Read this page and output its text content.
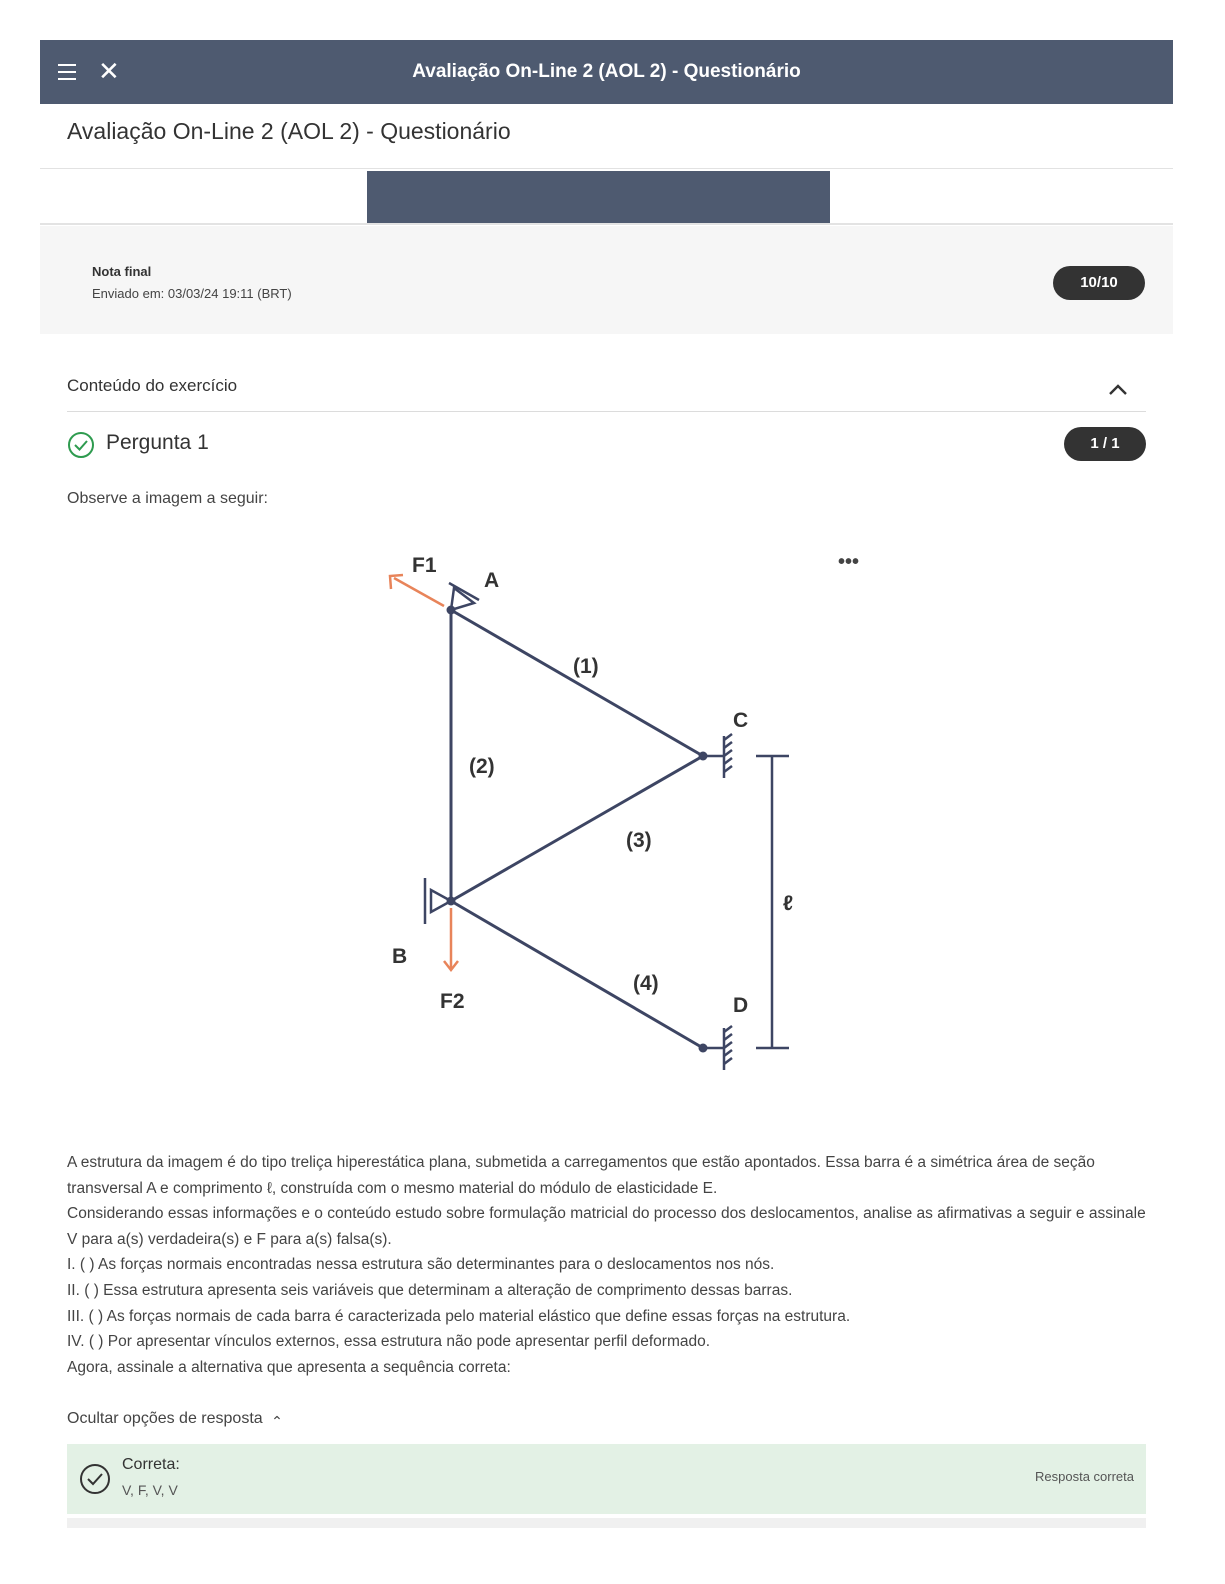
✕	Avaliação On-Line 2 (AOL 2) - Questionário
Avaliação On-Line 2 (AOL 2) - Questionário
Nota final
Enviado em: 03/03/24 19:11 (BRT)
10/10
Conteúdo do exercício
Pergunta 1	1 / 1
Observe a imagem a seguir:
•••
F1
A
C
B
D
F2
(1)
(2)
(3)
(4)
ℓ

A estrutura da imagem é do tipo treliça hiperestática plana, submetida a carregamentos que estão apontados. Essa barra é a simétrica área de seção transversal A e comprimento ℓ, construída com o mesmo material do módulo de elasticidade E.

Considerando essas informações e o conteúdo estudo sobre formulação matricial do processo dos deslocamentos, analise as afirmativas a seguir e assinale V para a(s) verdadeira(s) e F para a(s) falsa(s).

I. ( ) As forças normais encontradas nessa estrutura são determinantes para o deslocamentos nos nós.

II. ( ) Essa estrutura apresenta seis variáveis que determinam a alteração de comprimento dessas barras.

III. ( ) As forças normais de cada barra é caracterizada pelo material elástico que define essas forças na estrutura.

IV. ( ) Por apresentar vínculos externos, essa estrutura não pode apresentar perfil deformado.

Agora, assinale a alternativa que apresenta a sequência correta:

Ocultar opções de resposta ⌃
Correta:
V, F, V, V
Resposta correta
